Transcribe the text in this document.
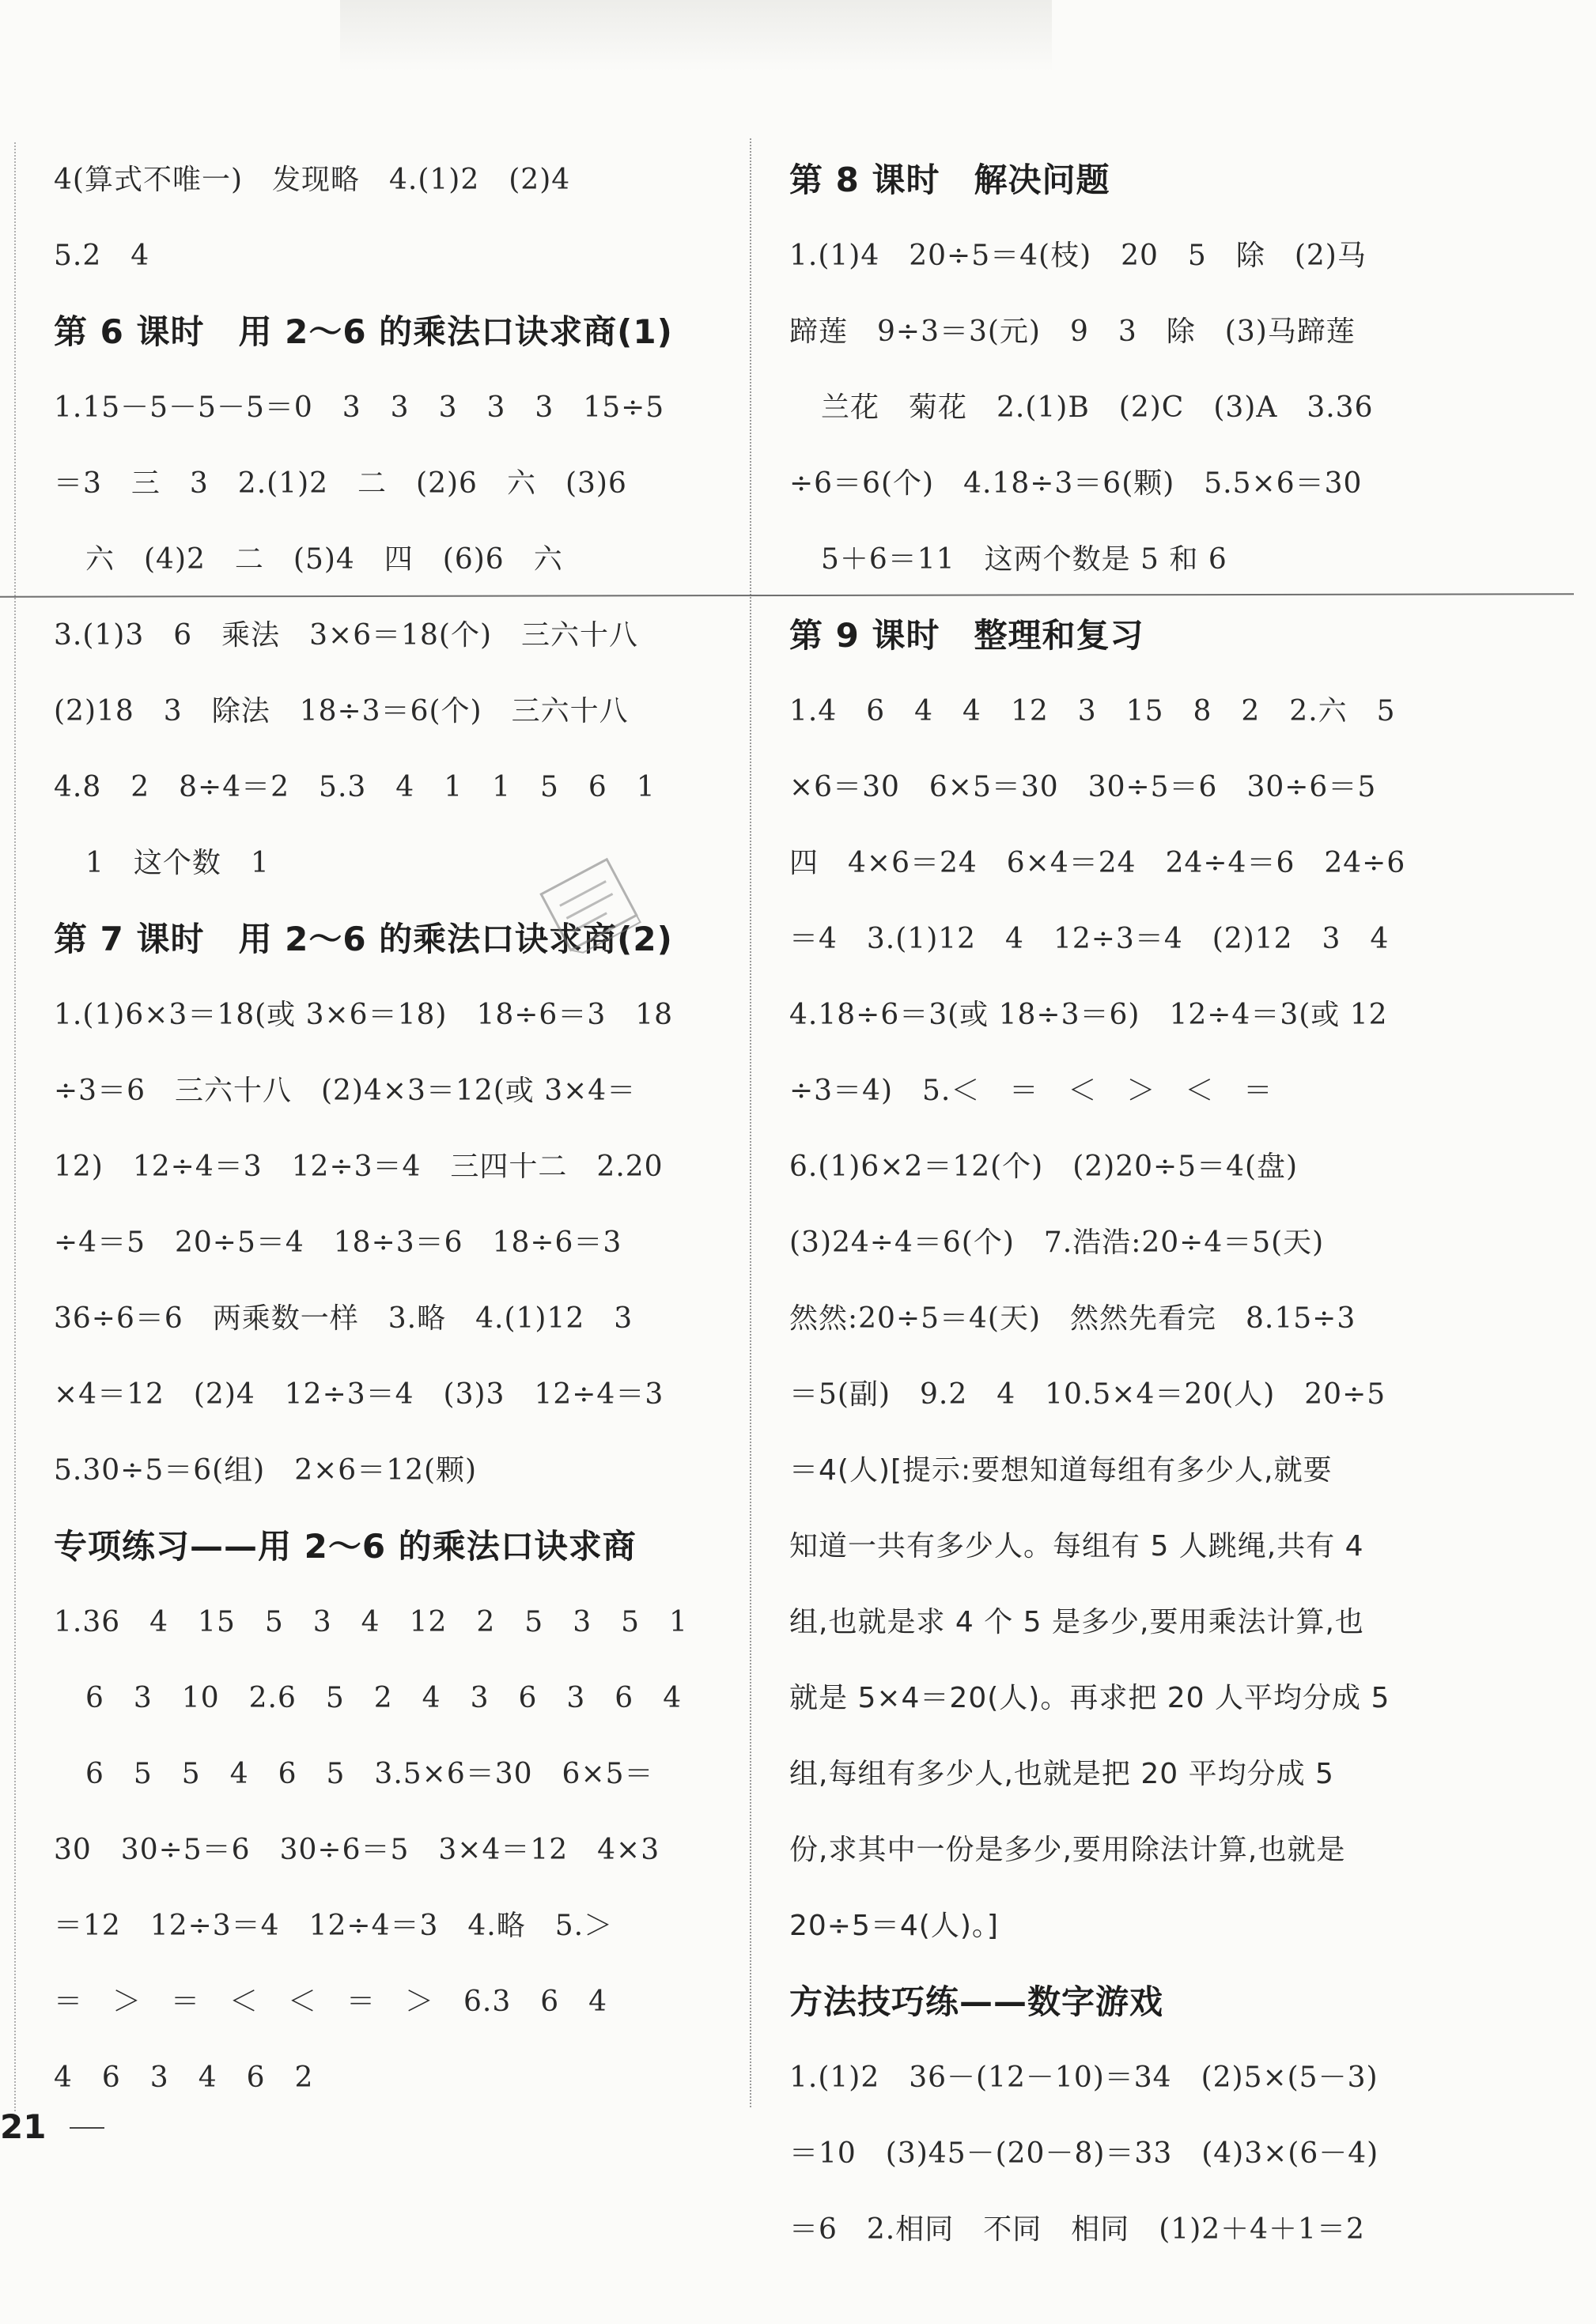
4(算式不唯一)　发现略　4.(1)2　(2)4
5.2　4
第 6 课时　用 2～6 的乘法口诀求商(1)
1.15－5－5－5＝0　3　3　3　3　3　15÷5
＝3　三　3　2.(1)2　二　(2)6　六　(3)6
六　(4)2　二　(5)4　四　(6)6　六
3.(1)3　6　乘法　3×6＝18(个)　三六十八
(2)18　3　除法　18÷3＝6(个)　三六十八
4.8　2　8÷4＝2　5.3　4　1　1　5　6　1
1　这个数　1
第 7 课时　用 2～6 的乘法口诀求商(2)
1.(1)6×3＝18(或 3×6＝18)　18÷6＝3　18
÷3＝6　三六十八　(2)4×3＝12(或 3×4＝
12)　12÷4＝3　12÷3＝4　三四十二　2.20
÷4＝5　20÷5＝4　18÷3＝6　18÷6＝3
36÷6＝6　两乘数一样　3.略　4.(1)12　3
×4＝12　(2)4　12÷3＝4　(3)3　12÷4＝3
5.30÷5＝6(组)　2×6＝12(颗)
专项练习——用 2～6 的乘法口诀求商
1.36　4　15　5　3　4　12　2　5　3　5　1
6　3　10　2.6　5　2　4　3　6　3　6　4
6　5　5　4　6　5　3.5×6＝30　6×5＝
30　30÷5＝6　30÷6＝5　3×4＝12　4×3
＝12　12÷3＝4　12÷4＝3　4.略　5.＞
＝　＞　＝　＜　＜　＝　＞　6.3　6　4
4　6　3　4　6　2
第 8 课时　解决问题
1.(1)4　20÷5＝4(枝)　20　5　除　(2)马
蹄莲　9÷3＝3(元)　9　3　除　(3)马蹄莲
兰花　菊花　2.(1)B　(2)C　(3)A　3.36
÷6＝6(个)　4.18÷3＝6(颗)　5.5×6＝30
5＋6＝11　这两个数是 5 和 6
第 9 课时　整理和复习
1.4　6　4　4　12　3　15　8　2　2.六　5
×6＝30　6×5＝30　30÷5＝6　30÷6＝5
四　4×6＝24　6×4＝24　24÷4＝6　24÷6
＝4　3.(1)12　4　12÷3＝4　(2)12　3　4
4.18÷6＝3(或 18÷3＝6)　12÷4＝3(或 12
÷3＝4)　5.＜　＝　＜　＞　＜　＝
6.(1)6×2＝12(个)　(2)20÷5＝4(盘)
(3)24÷4＝6(个)　7.浩浩:20÷4＝5(天)
然然:20÷5＝4(天)　然然先看完　8.15÷3
＝5(副)　9.2　4　10.5×4＝20(人)　20÷5
＝4(人)[提示:要想知道每组有多少人,就要
知道一共有多少人。每组有 5 人跳绳,共有 4
组,也就是求 4 个 5 是多少,要用乘法计算,也
就是 5×4＝20(人)。再求把 20 人平均分成 5
组,每组有多少人,也就是把 20 平均分成 5
份,求其中一份是多少,要用除法计算,也就是
20÷5＝4(人)。]
方法技巧练——数字游戏
1.(1)2　36－(12－10)＝34　(2)5×(5－3)
＝10　(3)45－(20－8)＝33　(4)3×(6－4)
＝6　2.相同　不同　相同　(1)2＋4＋1＝2
21
